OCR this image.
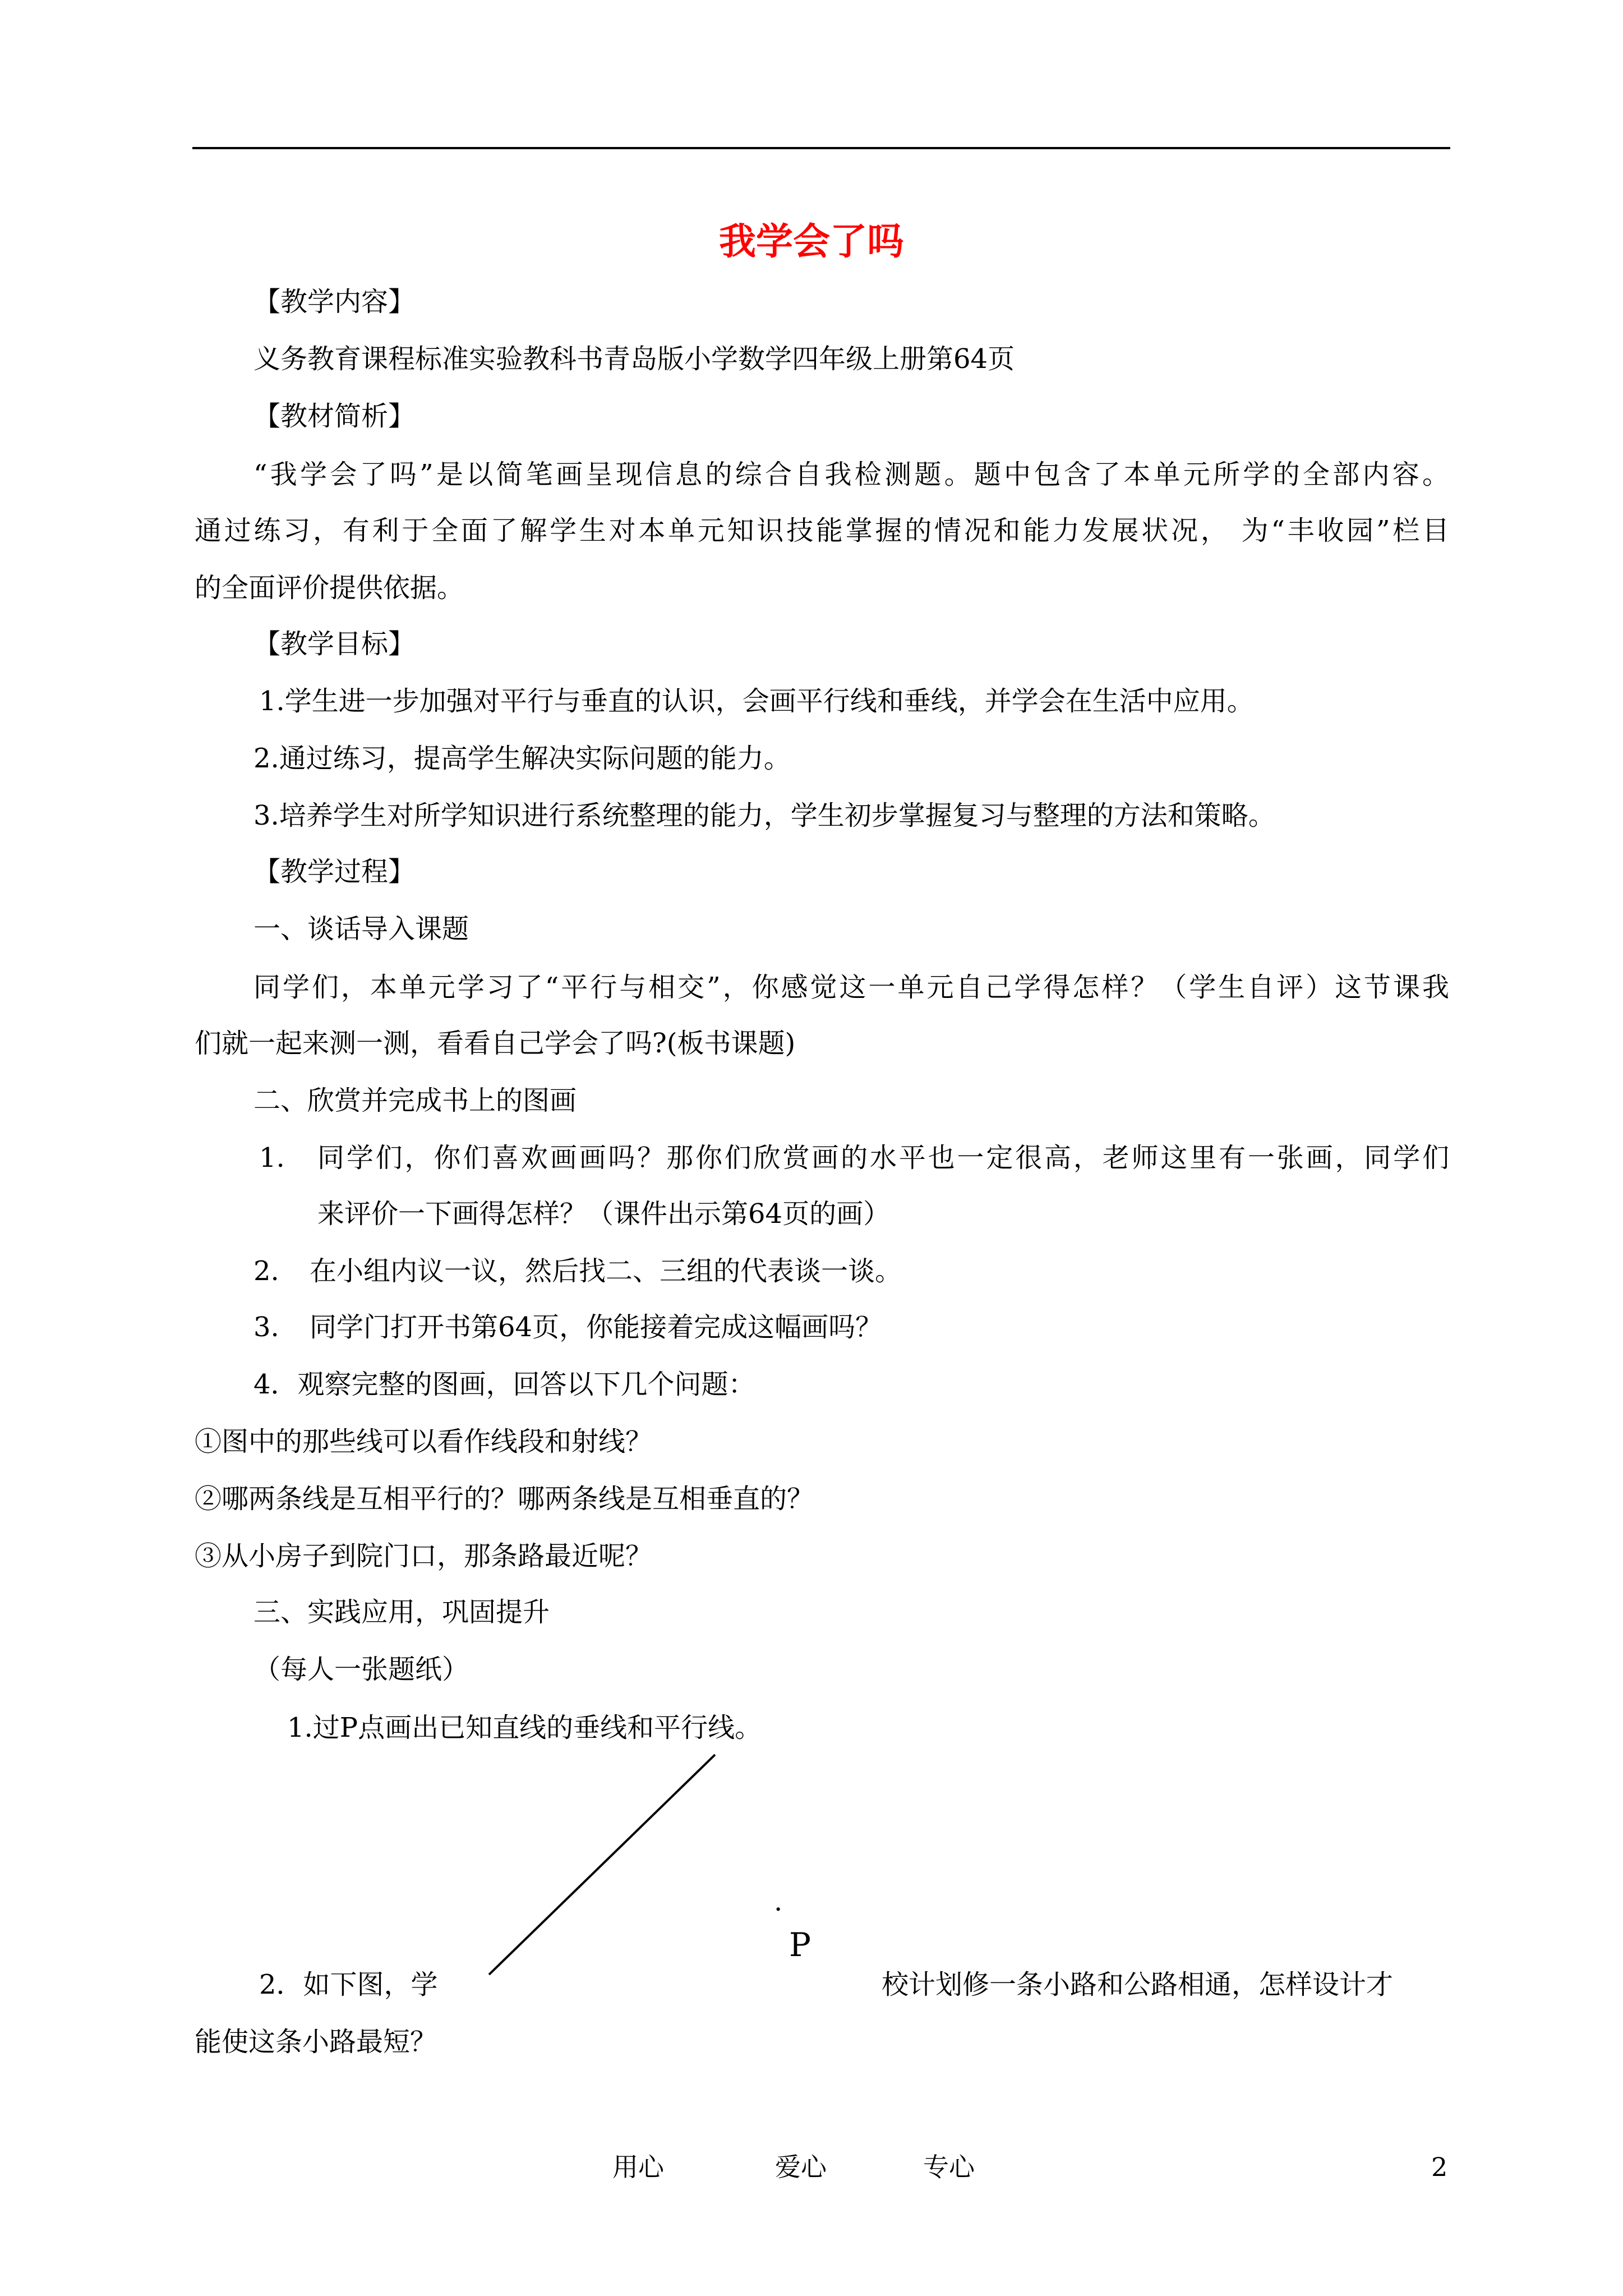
我学会了吗
【教学内容】
义务教育课程标准实验教科书青岛版小学数学四年级上册第64页
【教材简析】
“我学会了吗”是以简笔画呈现信息的综合自我检测题。题中包含了本单元所学的全部内容。
通过练习，有利于全面了解学生对本单元知识技能掌握的情况和能力发展状况， 为“丰收园”栏目
的全面评价提供依据。
【教学目标】
1.学生进一步加强对平行与垂直的认识，会画平行线和垂线，并学会在生活中应用。
2.通过练习，提高学生解决实际问题的能力。
3.培养学生对所学知识进行系统整理的能力，学生初步掌握复习与整理的方法和策略。
【教学过程】
一、谈话导入课题
同学们，本单元学习了“平行与相交”，你感觉这一单元自己学得怎样？（学生自评）这节课我
们就一起来测一测，看看自己学会了吗?(板书课题)
二、欣赏并完成书上的图画
1. 同学们，你们喜欢画画吗？那你们欣赏画的水平也一定很高，老师这里有一张画，同学们
来评价一下画得怎样？（课件出示第64页的画）
2. 在小组内议一议，然后找二、三组的代表谈一谈。
3. 同学门打开书第64页，你能接着完成这幅画吗？
4．观察完整的图画，回答以下几个问题：
①图中的那些线可以看作线段和射线？
②哪两条线是互相平行的？哪两条线是互相垂直的？
③从小房子到院门口，那条路最近呢？
三、实践应用，巩固提升
（每人一张题纸）
1.过P点画出已知直线的垂线和平行线。
.
P
2．如下图，学	校计划修一条小路和公路相通，怎样设计才
能使这条小路最短？
用心	爱心	专心	2
